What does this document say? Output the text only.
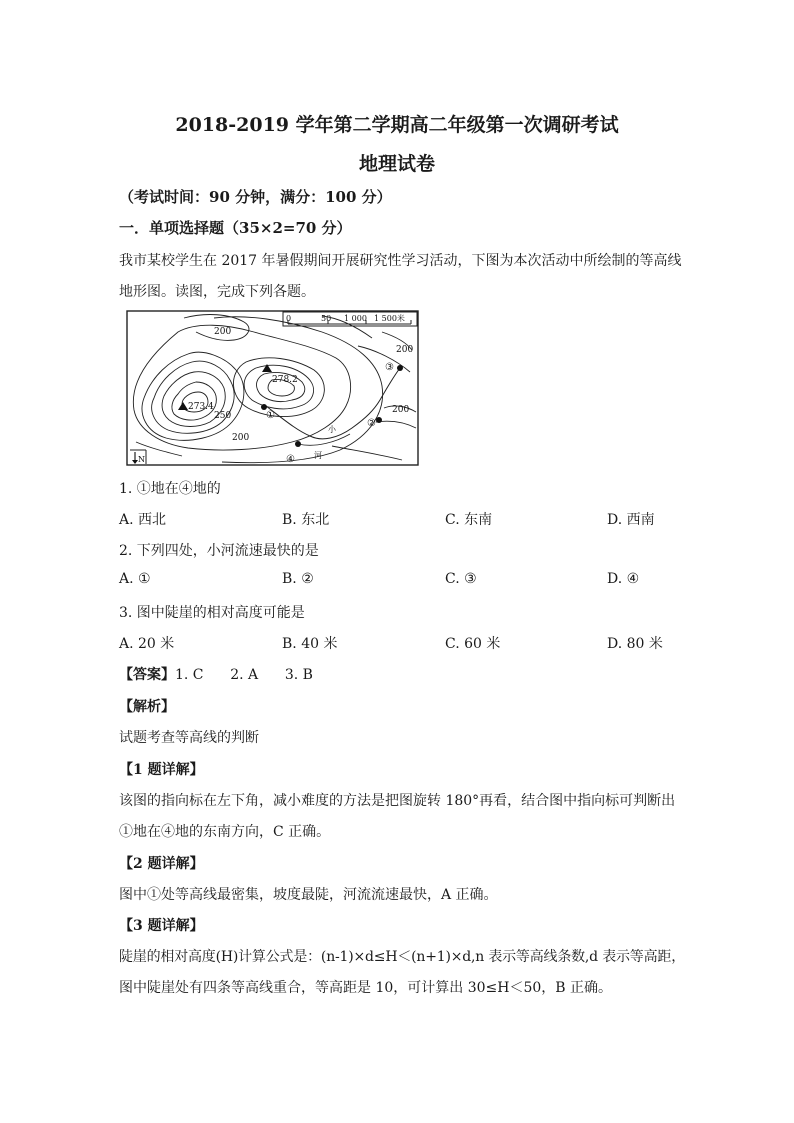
2018-2019 学年第二学期高二年级第一次调研考试
地理试卷
（考试时间：90 分钟，满分：100 分）
一．单项选择题（35×2=70 分）
我市某校学生在 2017 年暑假期间开展研究性学习活动，下图为本次活动中所绘制的等高线
地形图。读图，完成下列各题。
0	50 1 000 1 500米
278.2
273.4
200
200
200
250
200
①
②
③
④
小
河
N
1. ①地在④地的
A. 西北	B. 东北	C. 东南	D. 西南
2. 下列四处，小河流速最快的是
A. ①	B. ②	C. ③	D. ④
3. 图中陡崖的相对高度可能是
A. 20 米	B. 40 米	C. 60 米	D. 80 米
【答案】1. C      2. A      3. B
【解析】
试题考查等高线的判断
【1 题详解】
该图的指向标在左下角，减小难度的方法是把图旋转 180°再看，结合图中指向标可判断出
①地在④地的东南方向，C 正确。
【2 题详解】
图中①处等高线最密集，坡度最陡，河流流速最快，A 正确。
【3 题详解】
陡崖的相对高度(H)计算公式是：(n-1)×d≤H＜(n+1)×d,n 表示等高线条数,d 表示等高距，
图中陡崖处有四条等高线重合，等高距是 10，可计算出 30≤H＜50，B 正确。
